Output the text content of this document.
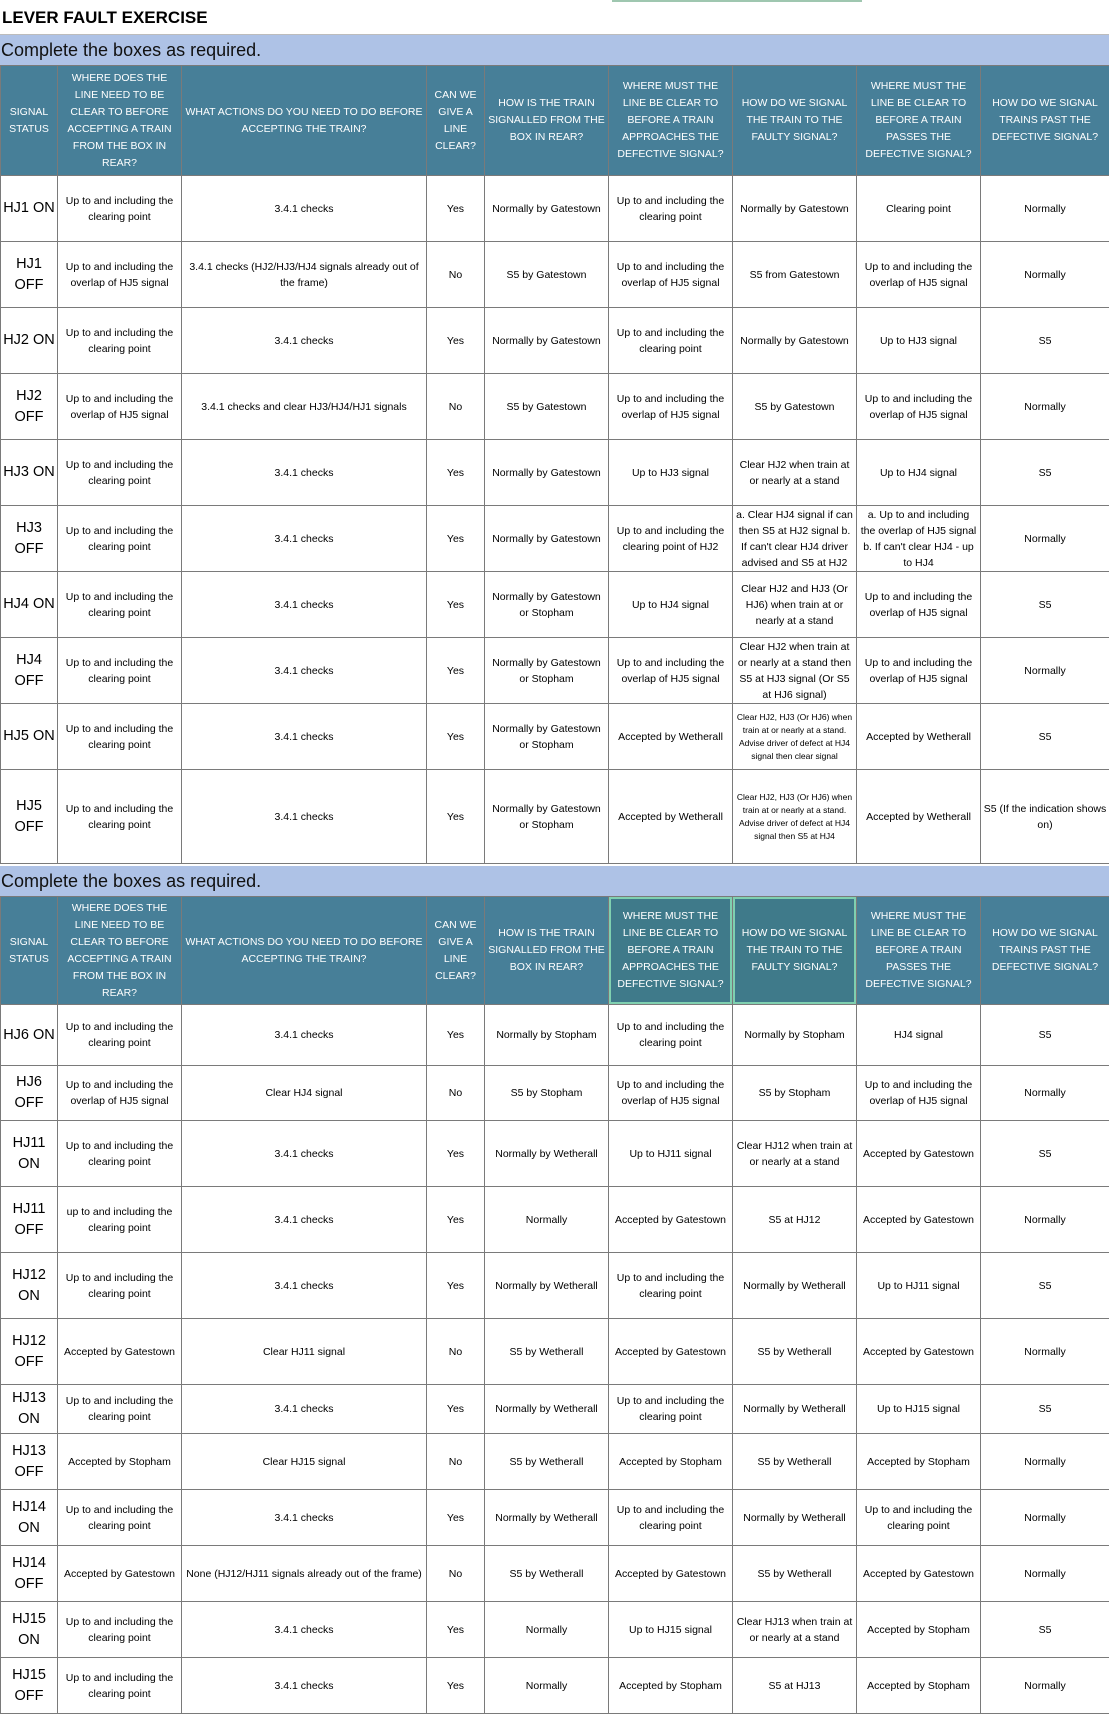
LEVER FAULT EXERCISE
Complete the boxes as required.
SIGNAL STATUS	WHERE DOES THE LINE NEED TO BE CLEAR TO BEFORE ACCEPTING A TRAIN FROM THE BOX IN REAR?	WHAT ACTIONS DO YOU NEED TO DO BEFORE ACCEPTING THE TRAIN?	CAN WE GIVE A LINE CLEAR?	HOW IS THE TRAIN SIGNALLED FROM THE BOX IN REAR?	WHERE MUST THE LINE BE CLEAR TO BEFORE A TRAIN APPROACHES THE DEFECTIVE SIGNAL?	HOW DO WE SIGNAL THE TRAIN TO THE FAULTY SIGNAL?	WHERE MUST THE LINE BE CLEAR TO BEFORE A TRAIN PASSES THE DEFECTIVE SIGNAL?	HOW DO WE SIGNAL TRAINS PAST THE DEFECTIVE SIGNAL?
HJ1 ON	Up to and including the clearing point	3.4.1 checks	Yes	Normally by Gatestown	Up to and including the clearing point	Normally by Gatestown	Clearing point	Normally
HJ1 OFF	Up to and including the overlap of HJ5 signal	3.4.1 checks (HJ2/HJ3/HJ4 signals already out of the frame)	No	S5 by Gatestown	Up to and including the overlap of HJ5 signal	S5 from Gatestown	Up to and including the overlap of HJ5 signal	Normally
HJ2 ON	Up to and including the clearing point	3.4.1 checks	Yes	Normally by Gatestown	Up to and including the clearing point	Normally by Gatestown	Up to HJ3 signal	S5
HJ2 OFF	Up to and including the overlap of HJ5 signal	3.4.1 checks and clear HJ3/HJ4/HJ1 signals	No	S5 by Gatestown	Up to and including the overlap of HJ5 signal	S5 by Gatestown	Up to and including the overlap of HJ5 signal	Normally
HJ3 ON	Up to and including the clearing point	3.4.1 checks	Yes	Normally by Gatestown	Up to HJ3 signal	Clear HJ2 when train at or nearly at a stand	Up to HJ4 signal	S5
HJ3 OFF	Up to and including the clearing point	3.4.1 checks	Yes	Normally by Gatestown	Up to and including the clearing point of HJ2	a. Clear HJ4 signal if can then S5 at HJ2 signal b. If can't clear HJ4 driver advised and S5 at HJ2	a. Up to and including the overlap of HJ5 signal b. If can't clear HJ4 - up to HJ4	Normally
HJ4 ON	Up to and including the clearing point	3.4.1 checks	Yes	Normally by Gatestown or Stopham	Up to HJ4 signal	Clear HJ2 and HJ3 (Or HJ6) when train at or nearly at a stand	Up to and including the overlap of HJ5 signal	S5
HJ4 OFF	Up to and including the clearing point	3.4.1 checks	Yes	Normally by Gatestown or Stopham	Up to and including the overlap of HJ5 signal	Clear HJ2 when train at or nearly at a stand then S5 at HJ3 signal (Or S5 at HJ6 signal)	Up to and including the overlap of HJ5 signal	Normally
HJ5 ON	Up to and including the clearing point	3.4.1 checks	Yes	Normally by Gatestown or Stopham	Accepted by Wetherall	Clear HJ2, HJ3 (Or HJ6) when train at or nearly at a stand. Advise driver of defect at HJ4 signal then clear signal	Accepted by Wetherall	S5
HJ5 OFF	Up to and including the clearing point	3.4.1 checks	Yes	Normally by Gatestown or Stopham	Accepted by Wetherall	Clear HJ2, HJ3 (Or HJ6) when train at or nearly at a stand. Advise driver of defect at HJ4 signal then S5 at HJ4	Accepted by Wetherall	S5 (If the indication shows on)
Complete the boxes as required.
SIGNAL STATUS	WHERE DOES THE LINE NEED TO BE CLEAR TO BEFORE ACCEPTING A TRAIN FROM THE BOX IN REAR?	WHAT ACTIONS DO YOU NEED TO DO BEFORE ACCEPTING THE TRAIN?	CAN WE GIVE A LINE CLEAR?	HOW IS THE TRAIN SIGNALLED FROM THE BOX IN REAR?	WHERE MUST THE LINE BE CLEAR TO BEFORE A TRAIN APPROACHES THE DEFECTIVE SIGNAL?	HOW DO WE SIGNAL THE TRAIN TO THE FAULTY SIGNAL?	WHERE MUST THE LINE BE CLEAR TO BEFORE A TRAIN PASSES THE DEFECTIVE SIGNAL?	HOW DO WE SIGNAL TRAINS PAST THE DEFECTIVE SIGNAL?
HJ6 ON	Up to and including the clearing point	3.4.1 checks	Yes	Normally by Stopham	Up to and including the clearing point	Normally by Stopham	HJ4 signal	S5
HJ6 OFF	Up to and including the overlap of HJ5 signal	Clear HJ4 signal	No	S5 by Stopham	Up to and including the overlap of HJ5 signal	S5 by Stopham	Up to and including the overlap of HJ5 signal	Normally
HJ11 ON	Up to and including the clearing point	3.4.1 checks	Yes	Normally by Wetherall	Up to HJ11 signal	Clear HJ12 when train at or nearly at a stand	Accepted by Gatestown	S5
HJ11 OFF	up to and including the clearing point	3.4.1 checks	Yes	Normally	Accepted by Gatestown	S5 at HJ12	Accepted by Gatestown	Normally
HJ12 ON	Up to and including the clearing point	3.4.1 checks	Yes	Normally by Wetherall	Up to and including the clearing point	Normally by Wetherall	Up to HJ11 signal	S5
HJ12 OFF	Accepted by Gatestown	Clear HJ11 signal	No	S5 by Wetherall	Accepted by Gatestown	S5 by Wetherall	Accepted by Gatestown	Normally
HJ13 ON	Up to and including the clearing point	3.4.1 checks	Yes	Normally by Wetherall	Up to and including the clearing point	Normally by Wetherall	Up to HJ15 signal	S5
HJ13 OFF	Accepted by Stopham	Clear HJ15 signal	No	S5 by Wetherall	Accepted by Stopham	S5 by Wetherall	Accepted by Stopham	Normally
HJ14 ON	Up to and including the clearing point	3.4.1 checks	Yes	Normally by Wetherall	Up to and including the clearing point	Normally by Wetherall	Up to and including the clearing point	Normally
HJ14 OFF	Accepted by Gatestown	None (HJ12/HJ11 signals already out of the frame)	No	S5 by Wetherall	Accepted by Gatestown	S5 by Wetherall	Accepted by Gatestown	Normally
HJ15 ON	Up to and including the clearing point	3.4.1 checks	Yes	Normally	Up to HJ15 signal	Clear HJ13 when train at or nearly at a stand	Accepted by Stopham	S5
HJ15 OFF	Up to and including the clearing point	3.4.1 checks	Yes	Normally	Accepted by Stopham	S5 at HJ13	Accepted by Stopham	Normally
